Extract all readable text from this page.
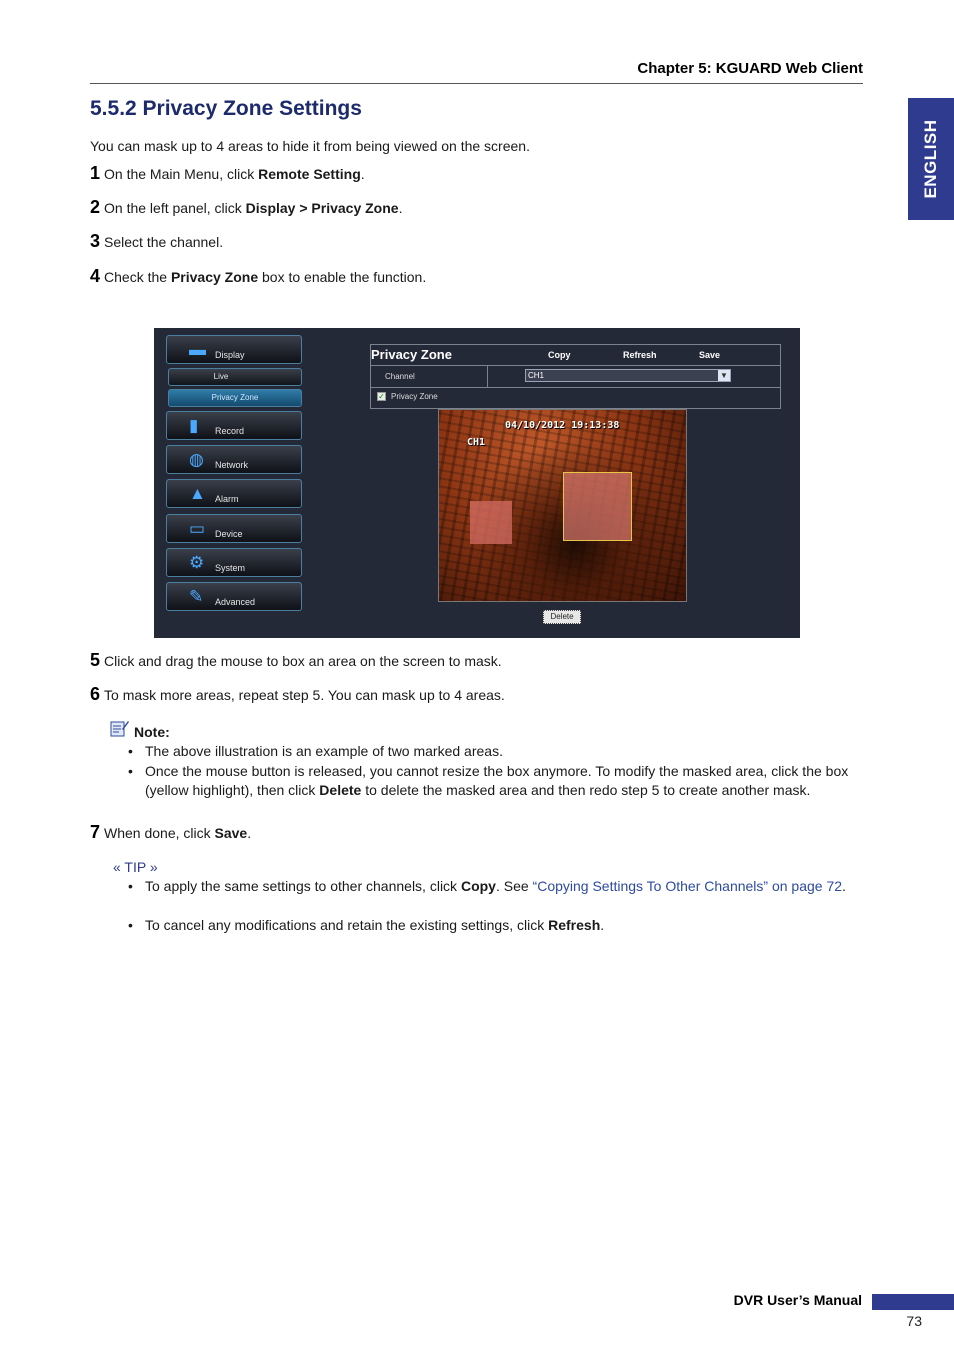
Chapter 5: KGUARD Web Client
ENGLISH
5.5.2 Privacy Zone Settings

You can mask up to 4 areas to hide it from being viewed on the screen.

1 On the Main Menu, click Remote Setting.
2 On the left panel, click Display > Privacy Zone.
3 Select the channel.
4 Check the Privacy Zone box to enable the function.
▬ Display
Live
Privacy Zone
▮ Record
◍ Network
▲ Alarm
▭ Device
⚙ System
✎ Advanced
Privacy Zone	Copy	Refresh	Save
Channel	CH1	▼
✓ Privacy Zone
04/10/2012 19:13:38
CH1
Delete
5 Click and drag the mouse to box an area on the screen to mask.
6 To mask more areas, repeat step 5. You can mask up to 4 areas.
Note:
• The above illustration is an example of two marked areas.
• Once the mouse button is released, you cannot resize the box anymore. To modify the masked area, click the box (yellow highlight), then click Delete to delete the masked area and then redo step 5 to create another mask.
7 When done, click Save.
« TIP »
• To apply the same settings to other channels, click Copy. See “Copying Settings To Other Channels” on page 72.
• To cancel any modifications and retain the existing settings, click Refresh.
DVR User’s Manual
73
